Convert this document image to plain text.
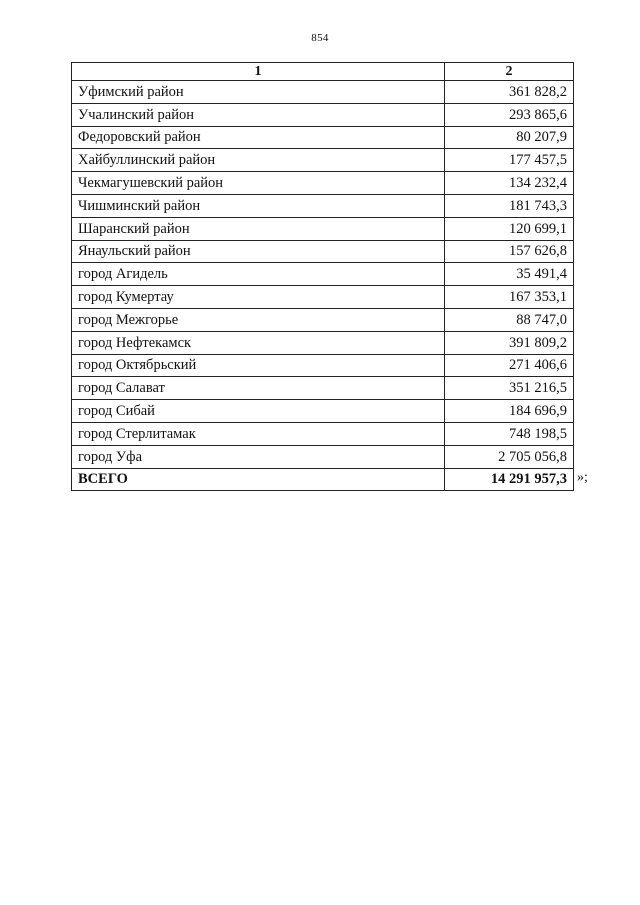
854
1	2
Уфимский район	361 828,2
Учалинский район	293 865,6
Федоровский район	80 207,9
Хайбуллинский район	177 457,5
Чекмагушевский район	134 232,4
Чишминский район	181 743,3
Шаранский район	120 699,1
Янаульский район	157 626,8
город Агидель	35 491,4
город Кумертау	167 353,1
город Межгорье	88 747,0
город Нефтекамск	391 809,2
город Октябрьский	271 406,6
город Салават	351 216,5
город Сибай	184 696,9
город Стерлитамак	748 198,5
город Уфа	2 705 056,8
ВСЕГО	14 291 957,3 »;
